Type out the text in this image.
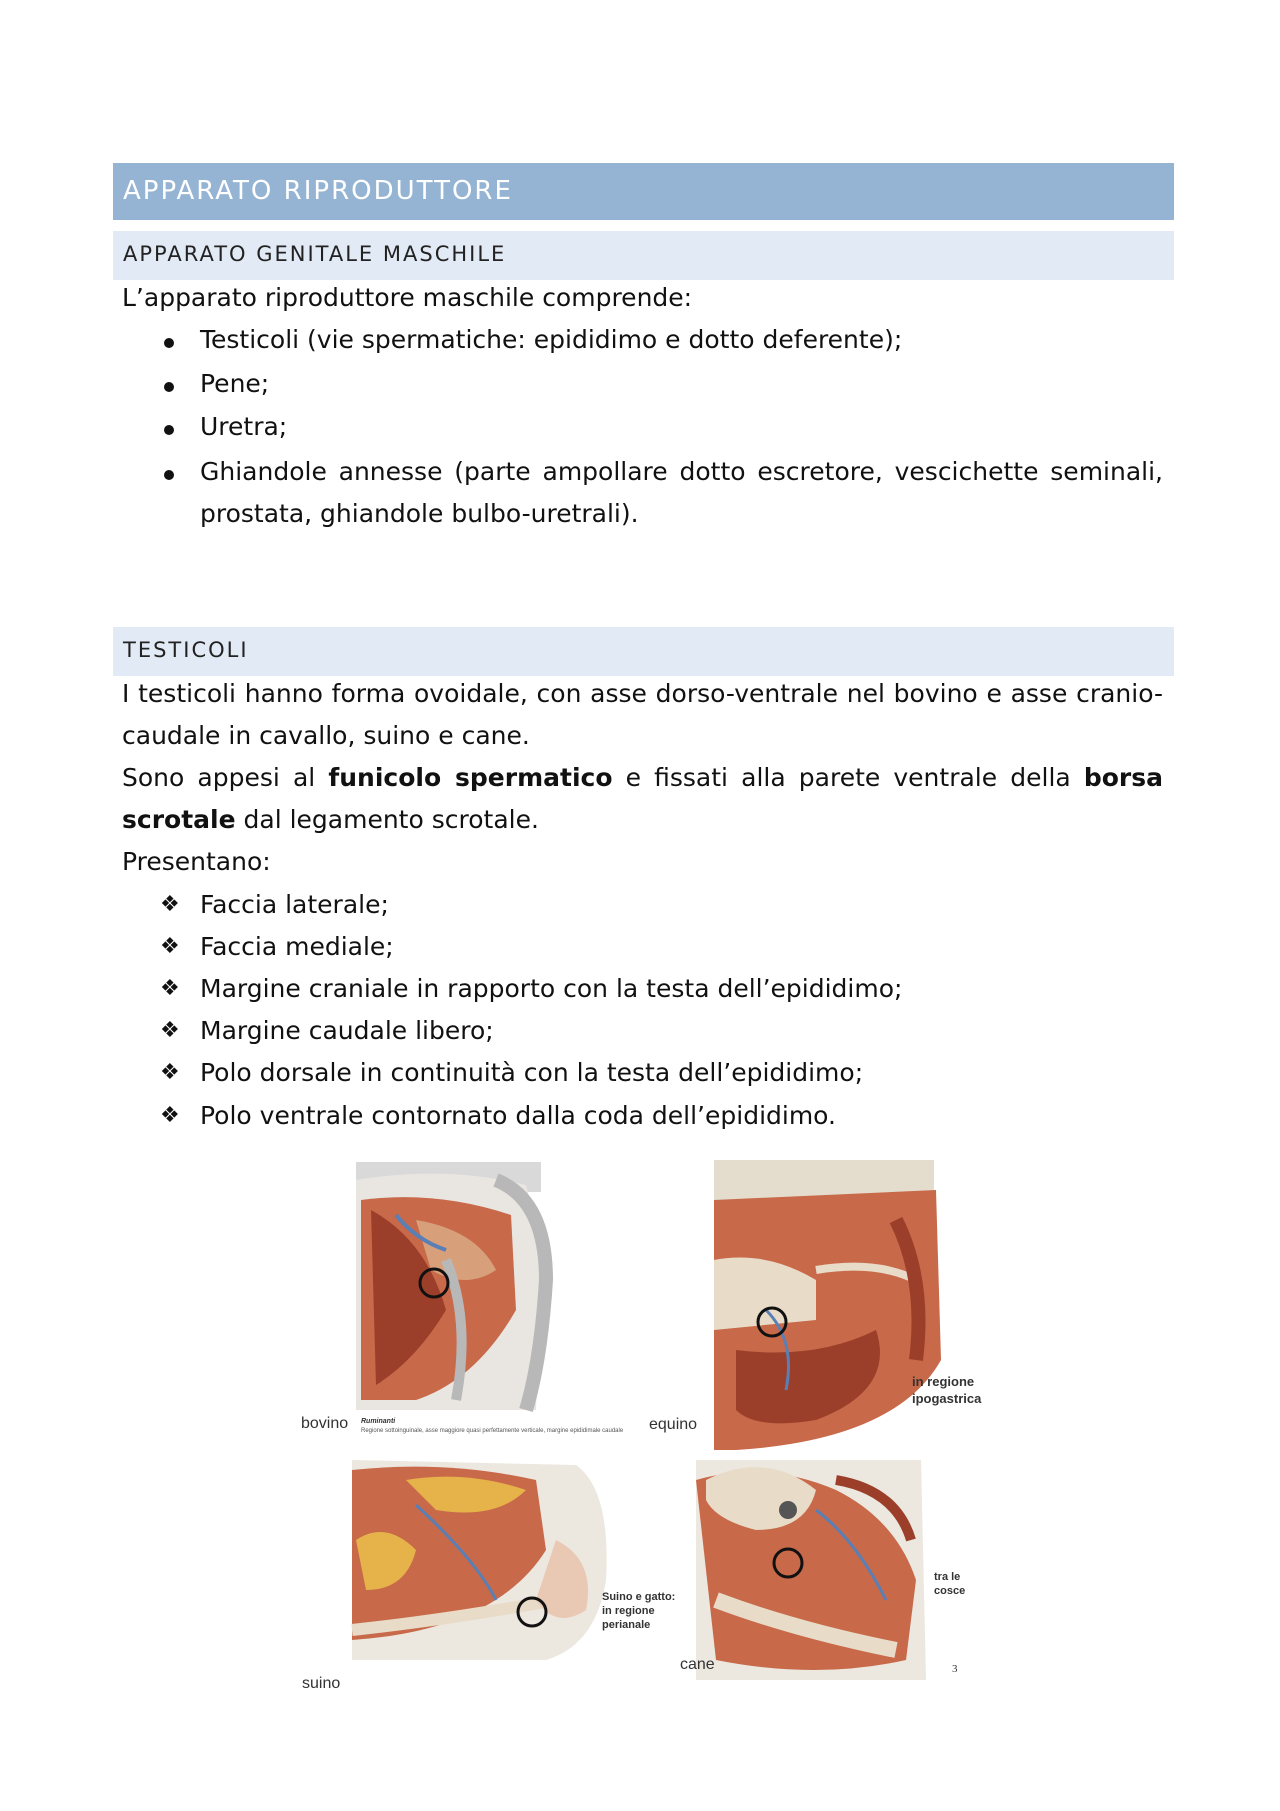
APPARATO RIPRODUTTORE
APPARATO GENITALE MASCHILE
L’apparato riproduttore maschile comprende:
Testicoli (vie spermatiche: epididimo e dotto deferente);
Pene;
Uretra;
Ghiandole annesse (parte ampollare dotto escretore, vescichette seminali, prostata, ghiandole bulbo-uretrali).
TESTICOLI
I testicoli hanno forma ovoidale, con asse dorso-ventrale nel bovino e asse cranio-caudale in cavallo, suino e cane.
Sono appesi al funicolo spermatico e fissati alla parete ventrale della borsa scrotale dal legamento scrotale.
Presentano:
❖ Faccia laterale;
❖ Faccia mediale;
❖ Margine craniale in rapporto con la testa dell’epididimo;
❖ Margine caudale libero;
❖ Polo dorsale in continuità con la testa dell’epididimo;
❖ Polo ventrale contornato dalla coda dell’epididimo.
bovino Ruminanti
Regione sottoinguinale, asse maggiore quasi perfettamente verticale, margine epididimale caudale equino
in regione
ipogastrica
suino
Suino e gatto:
in regione
perianale
cane
tra le
cosce
3
